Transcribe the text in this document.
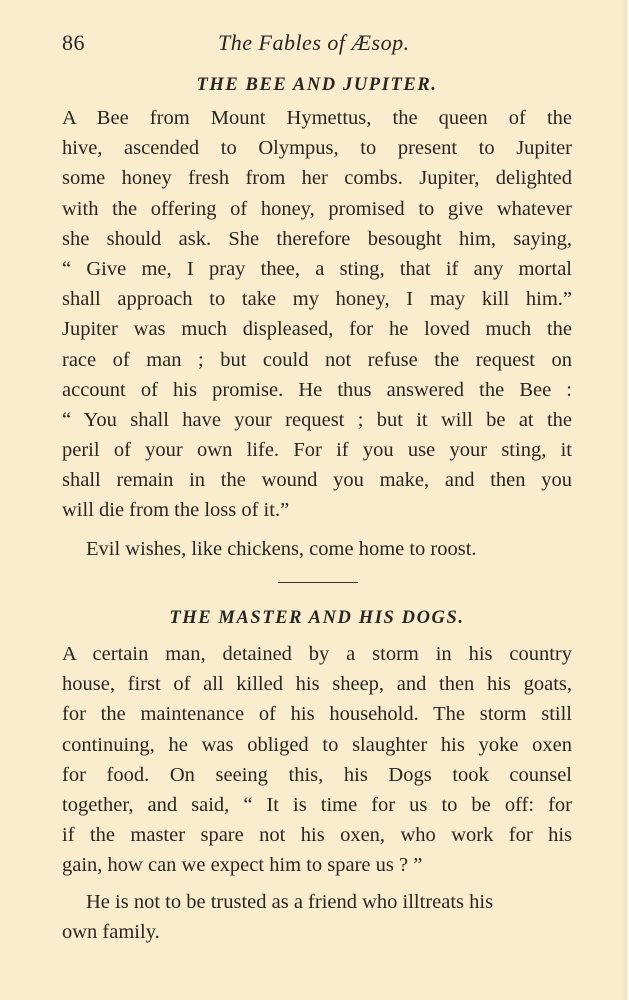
86	The Fables of Æsop.
THE BEE AND JUPITER.
A Bee from Mount Hymettus, the queen of the
hive, ascended to Olympus, to present to Jupiter
some honey fresh from her combs. Jupiter, delighted
with the offering of honey, promised to give whatever
she should ask. She therefore besought him, saying,
“ Give me, I pray thee, a sting, that if any mortal
shall approach to take my honey, I may kill him.”
Jupiter was much displeased, for he loved much the
race of man ; but could not refuse the request on
account of his promise. He thus answered the Bee :
“ You shall have your request ; but it will be at the
peril of your own life. For if you use your sting, it
shall remain in the wound you make, and then you
will die from the loss of it.”
Evil wishes, like chickens, come home to roost.
THE MASTER AND HIS DOGS.
A certain man, detained by a storm in his country
house, first of all killed his sheep, and then his goats,
for the maintenance of his household. The storm still
continuing, he was obliged to slaughter his yoke oxen
for food. On seeing this, his Dogs took counsel
together, and said, “ It is time for us to be off: for
if the master spare not his oxen, who work for his
gain, how can we expect him to spare us ? ”
He is not to be trusted as a friend who illtreats his
own family.
